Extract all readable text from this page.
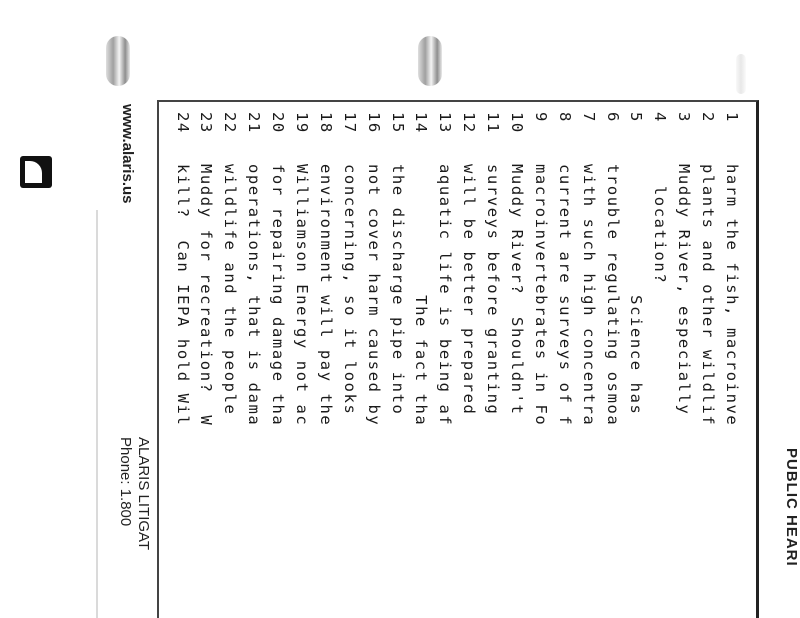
PUBLIC HEARI
1harm the fish, macroinve
2plants and other wildlif
3Muddy River, especially
4  location?
5            Science has
6trouble regulating osmoa
7with such high concentra
8current are surveys of f
9macroinvertebrates in Fo
10Muddy River?  Shouldn't
11surveys before granting
12will be better prepared
13aquatic life is being af
14            The fact tha
15the discharge pipe into
16not cover harm caused by
17concerning, so it looks
18environment will pay the
19Williamson Energy not ac
20for repairing damage tha
21operations, that is dama
22wildlife and the people
23Muddy for recreation?  W
24kill?  Can IEPA hold Wil
ALARIS LITIGAT
Phone: 1.800
www.alaris.us
